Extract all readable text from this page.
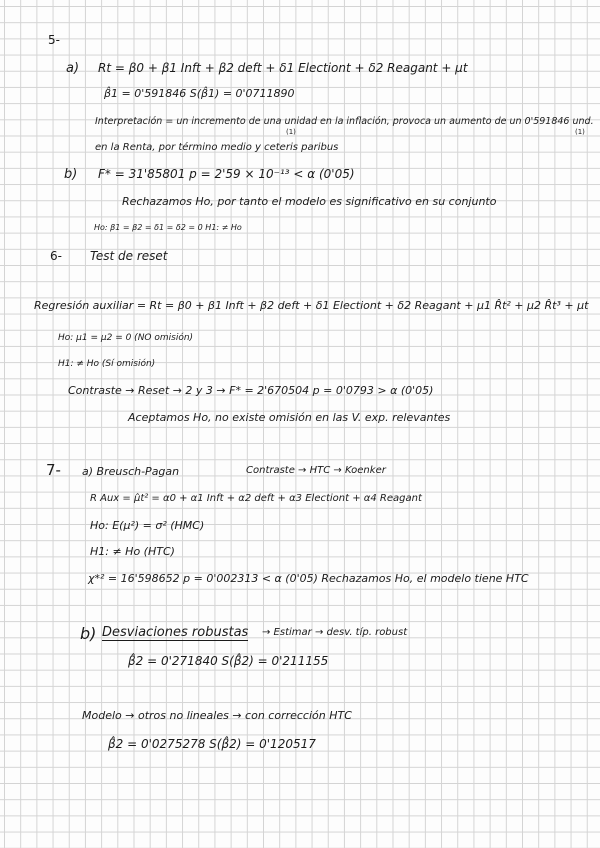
5-
a) Rt = β0 + β1 Inft + β2 deft + δ1 Electiont + δ2 Reagant + μt
β̂1 = 0'591846 S(β̂1) = 0'0711890
Interpretación = un incremento de una unidad en la inflación, provoca un aumento de un 0'591846 und.
(1)	(1)
en la Renta, por término medio y ceteris paribus
b) F* = 31'85801 p = 2'59 × 10⁻¹³ < α (0'05)
Rechazamos Ho, por tanto el modelo es significativo en su conjunto
Ho: β1 = β2 = δ1 = δ2 = 0 H1: ≠ Ho
6- Test de reset
Regresión auxiliar = Rt = β0 + β1 Inft + β2 deft + δ1 Electiont + δ2 Reagant + μ1 R̂t² + μ2 R̂t³ + μt
Ho: μ1 = μ2 = 0 (NO omisión)
H1: ≠ Ho (Sí omisión)
Contraste → Reset → 2 y 3 → F* = 2'670504 p = 0'0793 > α (0'05)
Aceptamos Ho, no existe omisión en las V. exp. relevantes
7- a) Breusch-Pagan	Contraste → HTC → Koenker
R Aux = μ̂t² = α0 + α1 Inft + α2 deft + α3 Electiont + α4 Reagant
Ho: E(μ²) = σ² (HMC)
H1: ≠ Ho (HTC)
χ*² = 16'598652 p = 0'002313 < α (0'05) Rechazamos Ho, el modelo tiene HTC
b) Desviaciones robustas → Estimar → desv. típ. robust
β̂2 = 0'271840 S(β̂2) = 0'211155
Modelo → otros no lineales → con corrección HTC
β̂2 = 0'0275278 S(β̂2) = 0'120517
